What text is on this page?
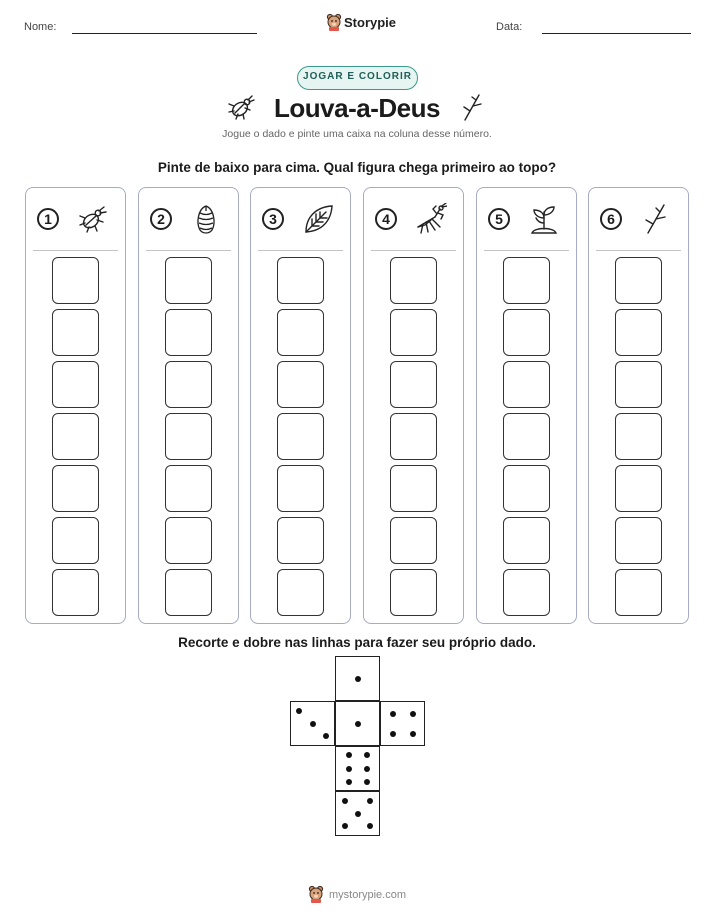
Nome:	Storypie	Data:
JOGAR E COLORIR
Louva-a-Deus
Jogue o dado e pinte uma caixa na coluna desse número.
Pinte de baixo para cima. Qual figura chega primeiro ao topo?
1	2	3	4	5	6
Recorte e dobre nas linhas para fazer seu próprio dado.
mystorypie.com
